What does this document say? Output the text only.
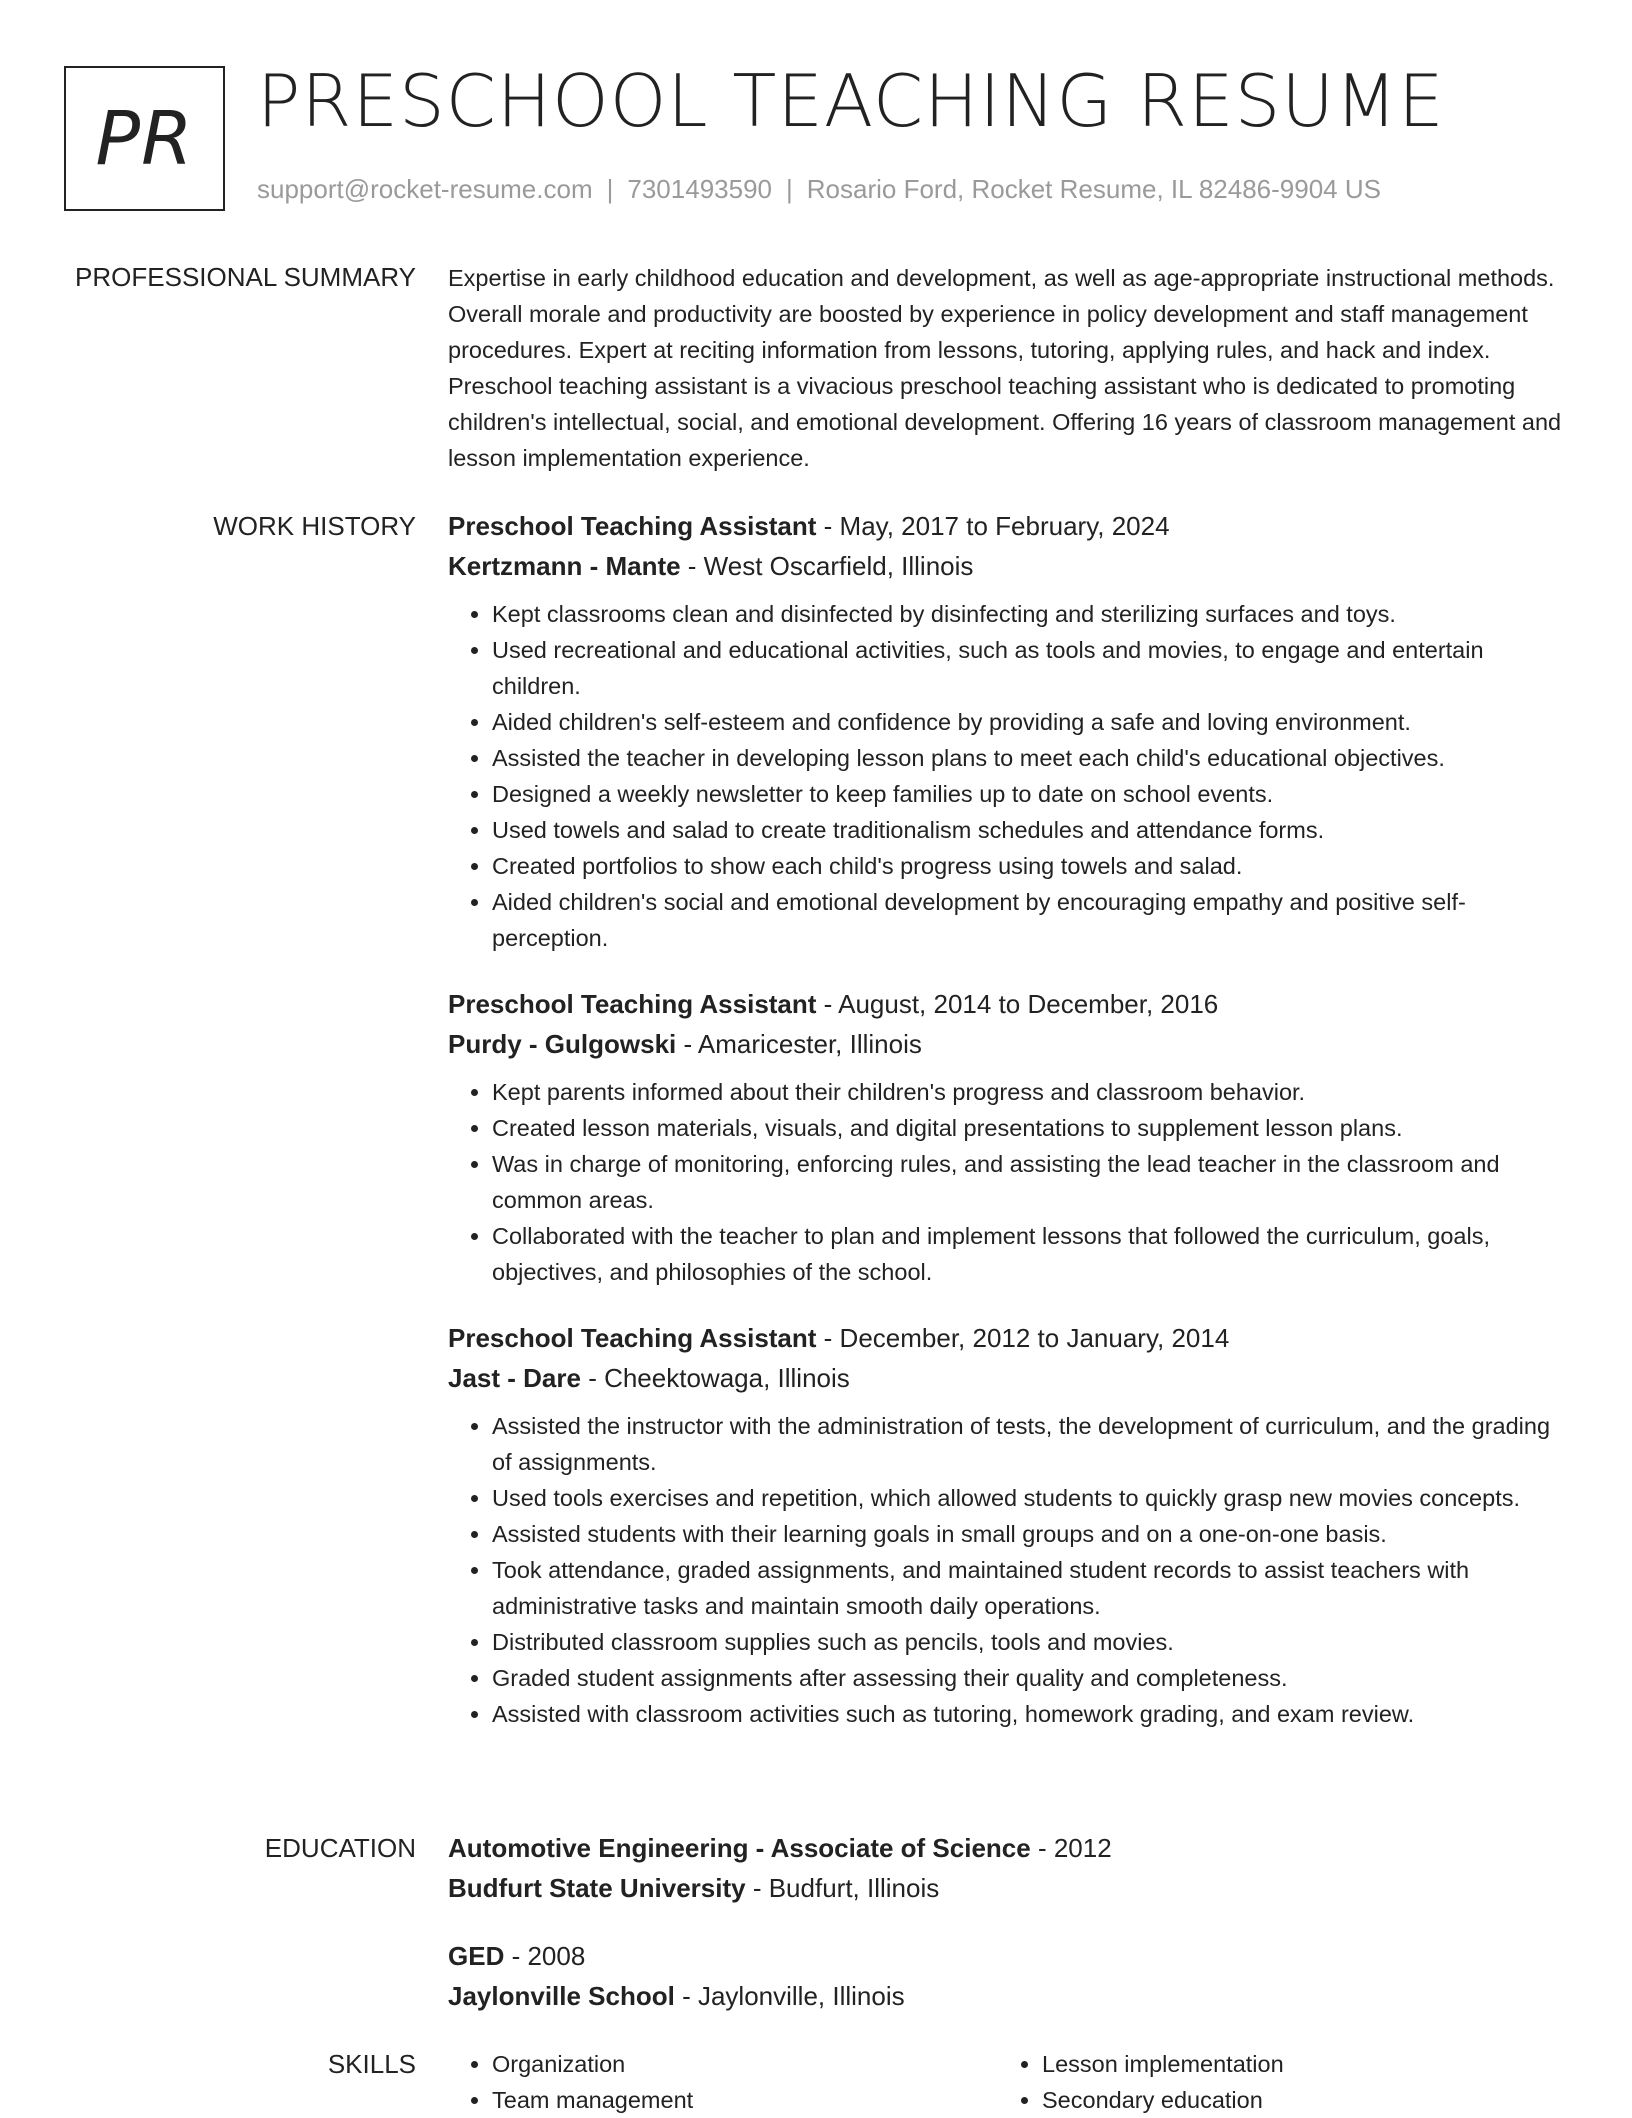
PR PRESCHOOL TEACHING RESUME
support@rocket-resume.com | 7301493590 | Rosario Ford, Rocket Resume, IL 82486-9904 US
PROFESSIONAL SUMMARY Expertise in early childhood education and development, as well as age-appropriate instructional methods. Overall morale and productivity are boosted by experience in policy development and staff management procedures. Expert at reciting information from lessons, tutoring, applying rules, and hack and index. Preschool teaching assistant is a vivacious preschool teaching assistant who is dedicated to promoting children's intellectual, social, and emotional development. Offering 16 years of classroom management and lesson implementation experience.

WORK HISTORY Preschool Teaching Assistant - May, 2017 to February, 2024
Kertzmann - Mante - West Oscarfield, Illinois
• Kept classrooms clean and disinfected by disinfecting and sterilizing surfaces and toys.
• Used recreational and educational activities, such as tools and movies, to engage and entertain children.
• Aided children's self-esteem and confidence by providing a safe and loving environment.
• Assisted the teacher in developing lesson plans to meet each child's educational objectives.
• Designed a weekly newsletter to keep families up to date on school events.
• Used towels and salad to create traditionalism schedules and attendance forms.
• Created portfolios to show each child's progress using towels and salad.
• Aided children's social and emotional development by encouraging empathy and positive self-perception.
Preschool Teaching Assistant - August, 2014 to December, 2016
Purdy - Gulgowski - Amaricester, Illinois
• Kept parents informed about their children's progress and classroom behavior.
• Created lesson materials, visuals, and digital presentations to supplement lesson plans.
• Was in charge of monitoring, enforcing rules, and assisting the lead teacher in the classroom and common areas.
• Collaborated with the teacher to plan and implement lessons that followed the curriculum, goals, objectives, and philosophies of the school.
Preschool Teaching Assistant - December, 2012 to January, 2014
Jast - Dare - Cheektowaga, Illinois
• Assisted the instructor with the administration of tests, the development of curriculum, and the grading of assignments.
• Used tools exercises and repetition, which allowed students to quickly grasp new movies concepts.
• Assisted students with their learning goals in small groups and on a one-on-one basis.
• Took attendance, graded assignments, and maintained student records to assist teachers with administrative tasks and maintain smooth daily operations.
• Distributed classroom supplies such as pencils, tools and movies.
• Graded student assignments after assessing their quality and completeness.
• Assisted with classroom activities such as tutoring, homework grading, and exam review.
EDUCATION Automotive Engineering - Associate of Science - 2012
Budfurt State University - Budfurt, Illinois
GED - 2008
Jaylonville School - Jaylonville, Illinois
SKILLS
•	Organization
• Team management
• Lesson implementation
• Secondary education
